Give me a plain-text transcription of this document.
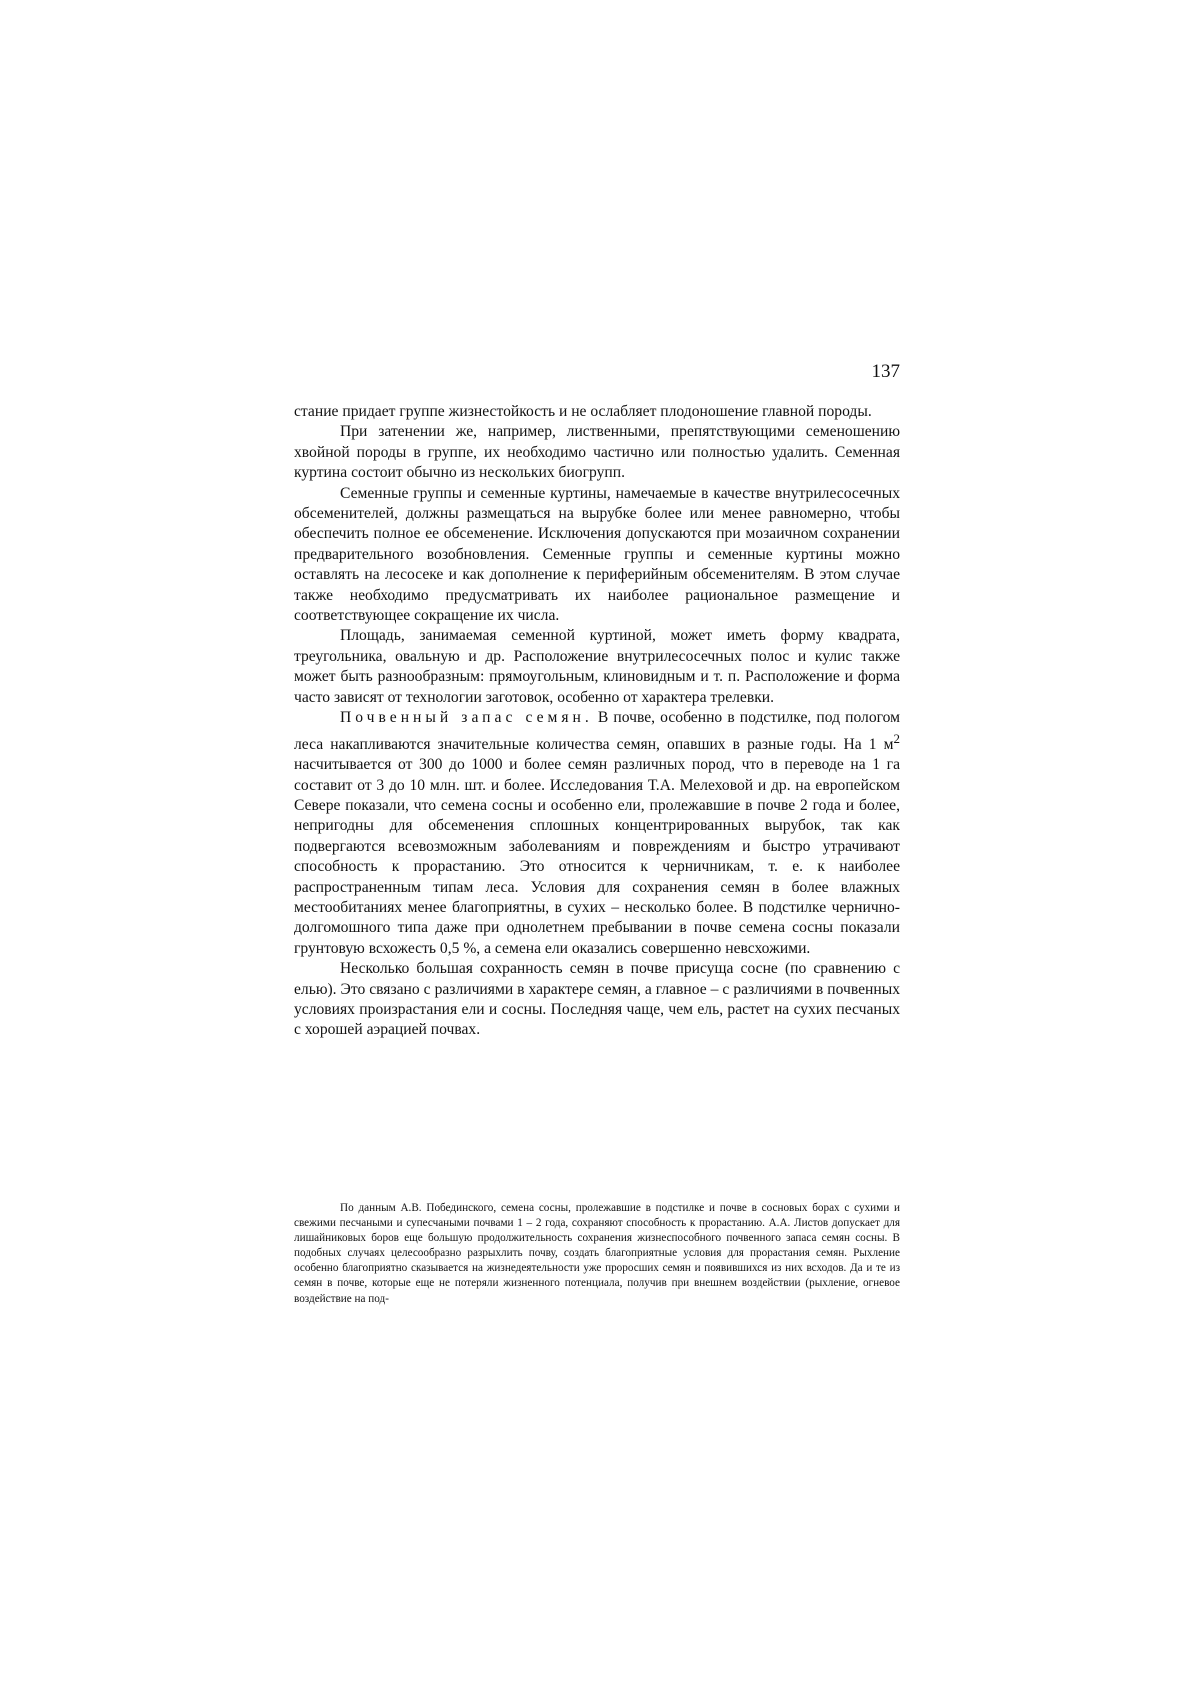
137

стание придает группе жизнестойкость и не ослабляет плодоношение главной породы.

При затенении же, например, лиственными, препятствующими семеношению хвойной породы в группе, их необходимо частично или полностью удалить. Семенная куртина состоит обычно из нескольких биогрупп.

Семенные группы и семенные куртины, намечаемые в качестве внутрилесосечных обсеменителей, должны размещаться на вырубке более или менее равномерно, чтобы обеспечить полное ее обсеменение. Исключения допускаются при мозаичном сохранении предварительного возобновления. Семенные группы и семенные куртины можно оставлять на лесосеке и как дополнение к периферийным обсеменителям. В этом случае также необходимо предусматривать их наиболее рациональное размещение и соответствующее сокращение их числа.

Площадь, занимаемая семенной куртиной, может иметь форму квадрата, треугольника, овальную и др. Расположение внутрилесосечных полос и кулис также может быть разнообразным: прямоугольным, клиновидным и т. п. Расположение и форма часто зависят от технологии заготовок, особенно от характера трелевки.

Почвенный запас семян. В почве, особенно в подстилке, под пологом леса накапливаются значительные количества семян, опавших в разные годы. На 1 $м^2$ насчитывается от 300 до 1000 и более семян различных пород, что в переводе на 1 га составит от 3 до 10 млн. шт. и более. Исследования Т.А. Мелеховой и др. на европейском Севере показали, что семена сосны и особенно ели, пролежавшие в почве 2 года и более, непригодны для обсеменения сплошных концентрированных вырубок, так как подвергаются всевозможным заболеваниям и повреждениям и быстро утрачивают способность к прорастанию. Это относится к черничникам, т. е. к наиболее распространенным типам леса. Условия для сохранения семян в более влажных местообитаниях менее благоприятны, в сухих – несколько более. В подстилке чернично-долгомошного типа даже при однолетнем пребывании в почве семена сосны показали грунтовую всхожесть 0,5 %, а семена ели оказались совершенно невсхожими.

Несколько большая сохранность семян в почве присуща сосне (по сравнению с елью). Это связано с различиями в характере семян, а главное – с различиями в почвенных условиях произрастания ели и сосны. Последняя чаще, чем ель, растет на сухих песчаных с хорошей аэрацией почвах.

По данным А.В. Побединского, семена сосны, пролежавшие в подстилке и почве в сосновых борах с сухими и свежими песчаными и супесчаными почвами 1 – 2 года, сохраняют способность к прорастанию. А.А. Листов допускает для лишайниковых боров еще большую продолжительность сохранения жизнеспособного почвенного запаса семян сосны. В подобных случаях целесообразно разрыхлить почву, создать благоприятные условия для прорастания семян. Рыхление особенно благоприятно сказывается на жизнедеятельности уже проросших семян и появившихся из них всходов. Да и те из семян в почве, которые еще не потеряли жизненного потенциала, получив при внешнем воздействии (рыхление, огневое воздействие на под-
